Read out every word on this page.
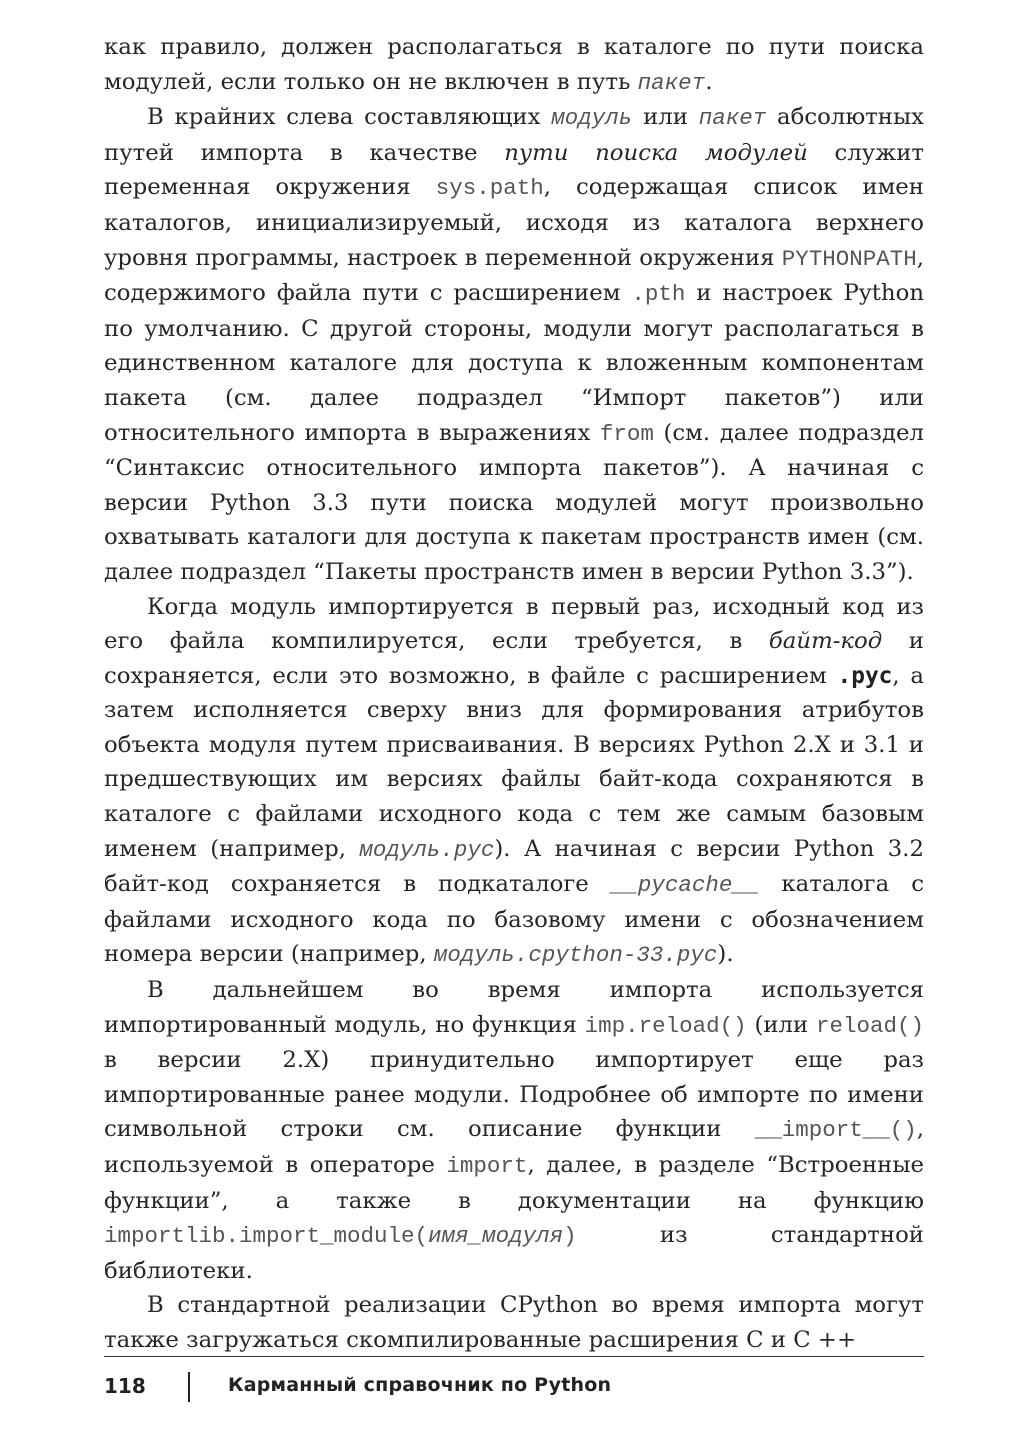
как правило, должен располагаться в каталоге по пути поиска модулей, если только он не включен в путь пакет.

В крайних слева составляющих модуль или пакет абсолютных путей импорта в качестве пути поиска модулей служит переменная окружения sys.path, содержащая список имен каталогов, инициализируемый, исходя из каталога верхнего уровня программы, настроек в переменной окружения PYTHONPATH, содержимого файла пути с расширением .pth и настроек Python по умолчанию. С другой стороны, модули могут располагаться в единственном каталоге для доступа к вложенным компонентам пакета (см. далее подраздел “Импорт пакетов”) или относительного импорта в выражениях from (см. далее подраздел “Синтаксис относительного импорта пакетов”). А начиная с версии Python 3.3 пути поиска модулей могут произвольно охватывать каталоги для доступа к пакетам пространств имен (см. далее подраздел “Пакеты пространств имен в версии Python 3.3”).

Когда модуль импортируется в первый раз, исходный код из его файла компилируется, если требуется, в байт-код и сохраняется, если это возможно, в файле с расширением .pyc, а затем исполняется сверху вниз для формирования атрибутов объекта модуля путем присваивания. В версиях Python 2.X и 3.1 и предшествующих им версиях файлы байт-кода сохраняются в каталоге с файлами исходного кода с тем же самым базовым именем (например, модуль.pyc). А начиная с версии Python 3.2 байт-код сохраняется в подкаталоге __pycache__ каталога с файлами исходного кода по базовому имени с обозначением номера версии (например, модуль.cpython-33.pyc).

В дальнейшем во время импорта используется импортированный модуль, но функция imp.reload() (или reload() в версии 2.X) принудительно импортирует еще раз импортированные ранее модули. Подробнее об импорте по имени символьной строки см. описание функции __import__(), используемой в операторе import, далее, в разделе “Встроенные функции”, а также в документации на функцию importlib.import_module(имя_модуля) из стандартной библиотеки.

В стандартной реализации CPython во время импорта могут также загружаться скомпилированные расширения C и C ++

118	Карманный справочник по Python
